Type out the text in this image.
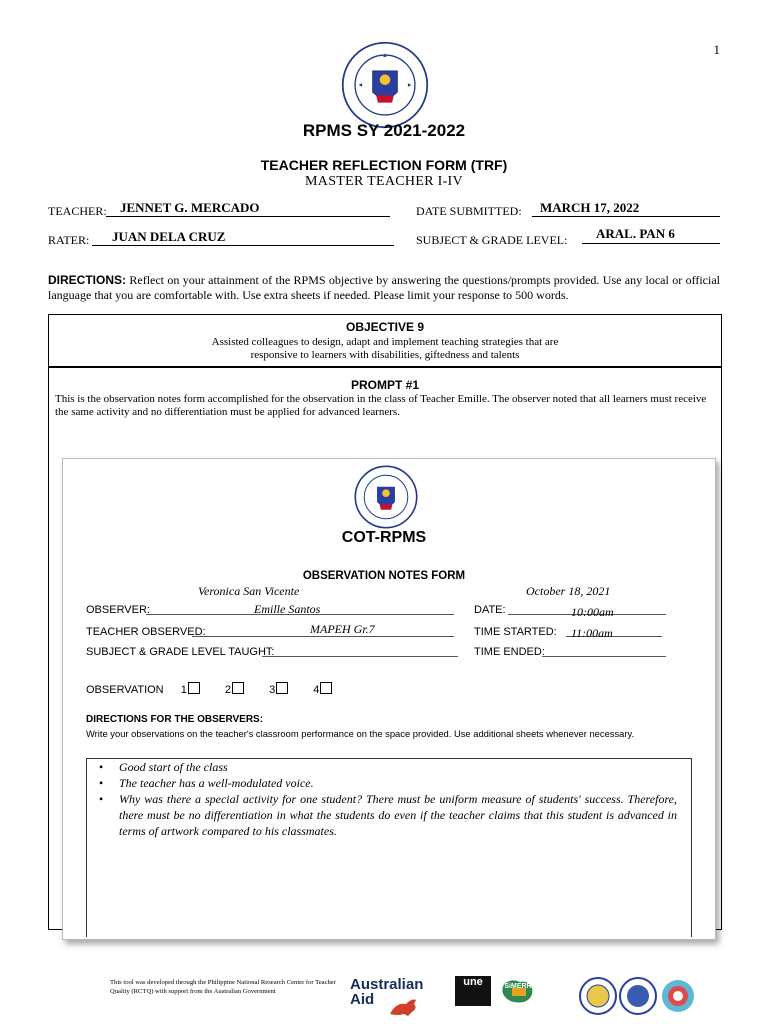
1
RPMS SY 2021-2022
TEACHER REFLECTION FORM (TRF)
MASTER TEACHER I-IV
TEACHER: JENNET G. MERCADO	DATE SUBMITTED: MARCH 17, 2022
RATER: JUAN DELA CRUZ	SUBJECT & GRADE LEVEL: ARAL. PAN 6
DIRECTIONS: Reflect on your attainment of the RPMS objective by answering the questions/prompts provided. Use any local or official language that you are comfortable with. Use extra sheets if needed. Please limit your response to 500 words.
OBJECTIVE 9
Assisted colleagues to design, adapt and implement teaching strategies that are
responsive to learners with disabilities, giftedness and talents
PROMPT #1
This is the observation notes form accomplished for the observation in the class of Teacher Emille. The observer noted that all learners must receive the same activity and no differentiation must be applied for advanced learners.
COT-RPMS
OBSERVATION NOTES FORM
Veronica San Vicente	October 18, 2021
OBSERVER:	Emille Santos	DATE:	10:00am
TEACHER OBSERVED:	MAPEH Gr.7	TIME STARTED: 11:00am
SUBJECT & GRADE LEVEL TAUGHT:	TIME ENDED:
OBSERVATION 1	2	3	4
DIRECTIONS FOR THE OBSERVERS:
Write your observations on the teacher's classroom performance on the space provided. Use additional sheets whenever necessary.
• Good start of the class
• The teacher has a well-modulated voice.
• Why was there a special activity for one student? There must be uniform measure of students' success. Therefore, there must be no differentiation in what the students do even if the teacher claims that this student is advanced in terms of artwork compared to his classmates.
This tool was developed through the Philippine National Research Center for Teacher Quality (RCTQ) with support from the Australian Government	Australian
Aid
une	SiMERR
